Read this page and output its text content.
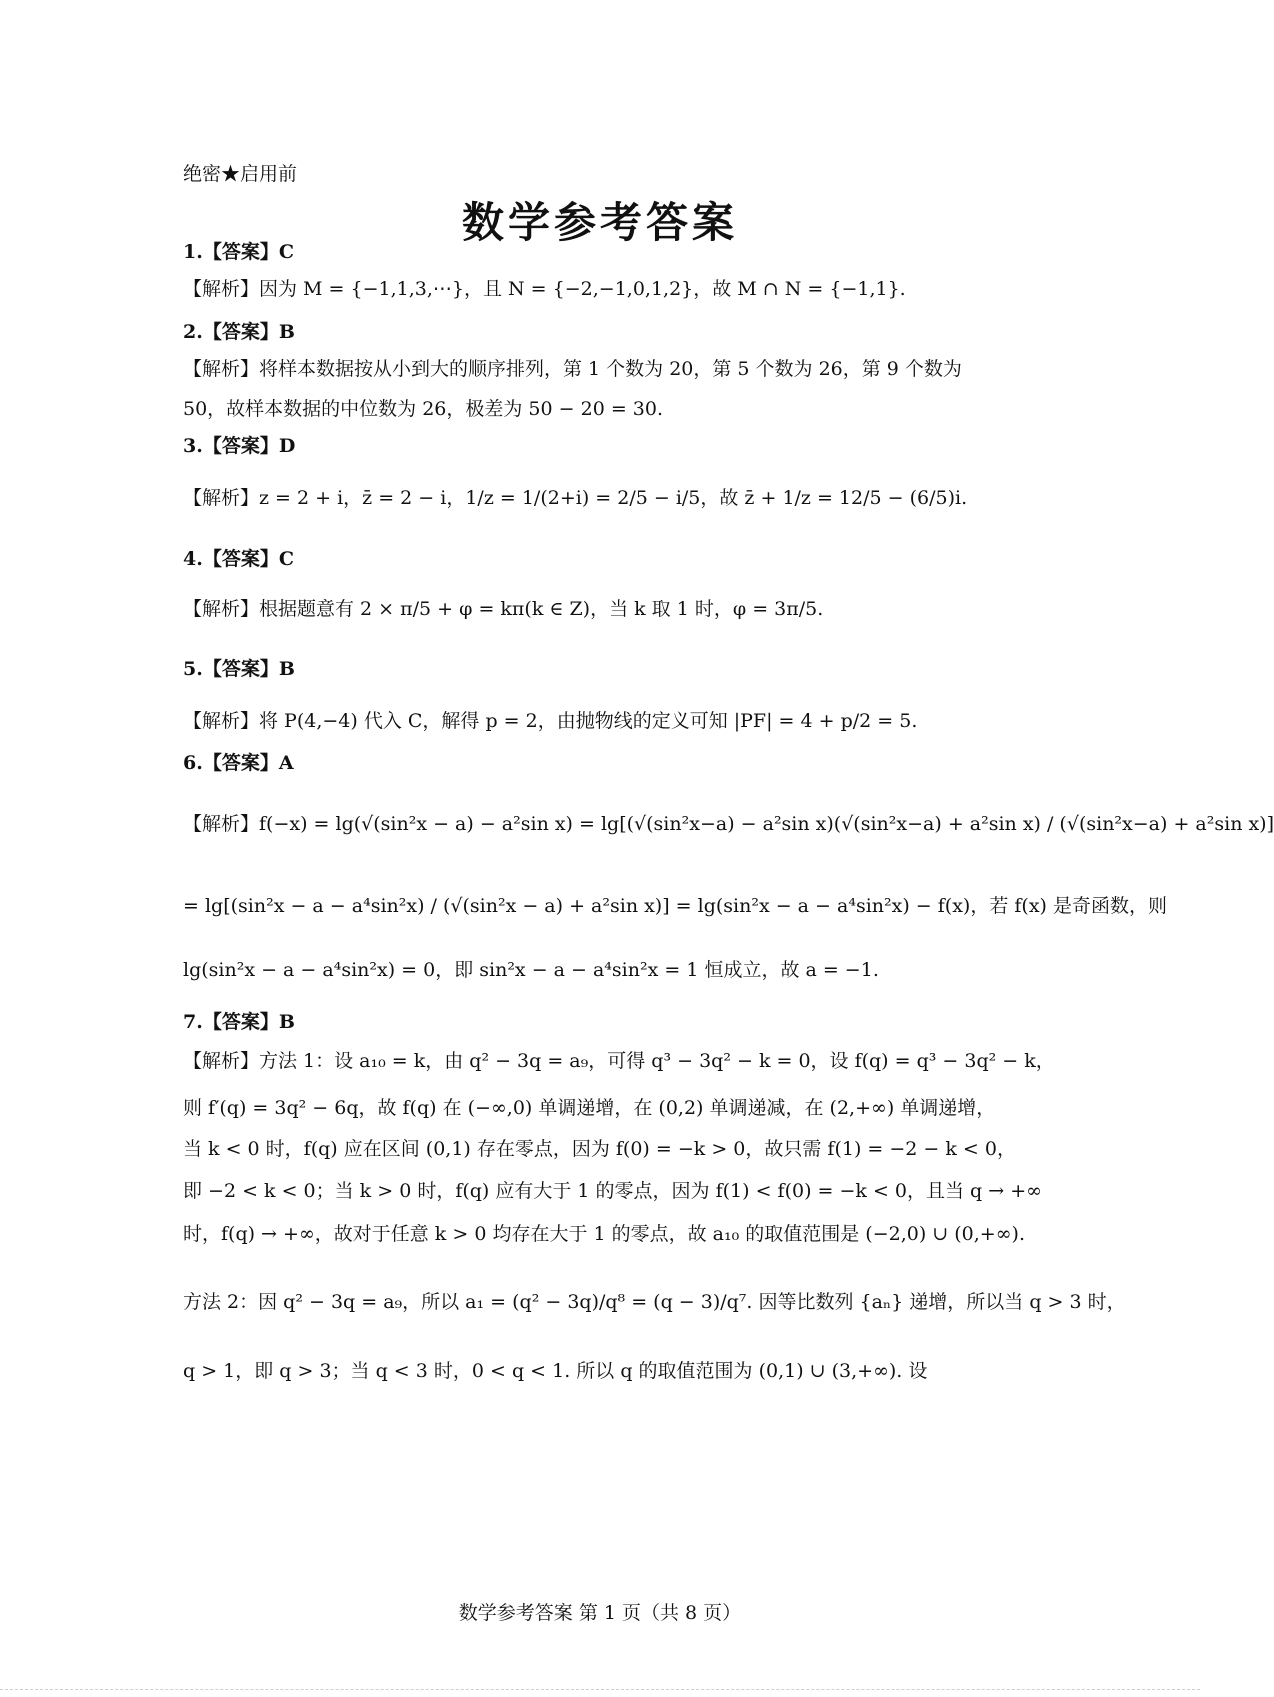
绝密★启用前
数学参考答案
1.【答案】C
【解析】因为 M = {−1,1,3,⋯}，且 N = {−2,−1,0,1,2}，故 M ∩ N = {−1,1}.
2.【答案】B
【解析】将样本数据按从小到大的顺序排列，第 1 个数为 20，第 5 个数为 26，第 9 个数为
50，故样本数据的中位数为 26，极差为 50 − 20 = 30.
3.【答案】D
【解析】z = 2 + i，z̄ = 2 − i，1/z = 1/(2+i) = 2/5 − i/5，故 z̄ + 1/z = 12/5 − (6/5)i.
4.【答案】C
【解析】根据题意有 2 × π/5 + φ = kπ(k ∈ Z)，当 k 取 1 时，φ = 3π/5.
5.【答案】B
【解析】将 P(4,−4) 代入 C，解得 p = 2，由抛物线的定义可知 |PF| = 4 + p/2 = 5.
6.【答案】A
【解析】f(−x) = lg(√(sin²x − a) − a²sin x) = lg[(√(sin²x−a) − a²sin x)(√(sin²x−a) + a²sin x) / (√(sin²x−a) + a²sin x)]
= lg[(sin²x − a − a⁴sin²x) / (√(sin²x − a) + a²sin x)] = lg(sin²x − a − a⁴sin²x) − f(x)，若 f(x) 是奇函数，则
lg(sin²x − a − a⁴sin²x) = 0，即 sin²x − a − a⁴sin²x = 1 恒成立，故 a = −1.
7.【答案】B
【解析】方法 1：设 a₁₀ = k，由 q² − 3q = a₉，可得 q³ − 3q² − k = 0，设 f(q) = q³ − 3q² − k，
则 f′(q) = 3q² − 6q，故 f(q) 在 (−∞,0) 单调递增，在 (0,2) 单调递减，在 (2,+∞) 单调递增，
当 k < 0 时，f(q) 应在区间 (0,1) 存在零点，因为 f(0) = −k > 0，故只需 f(1) = −2 − k < 0，
即 −2 < k < 0；当 k > 0 时，f(q) 应有大于 1 的零点，因为 f(1) < f(0) = −k < 0，且当 q → +∞
时，f(q) → +∞，故对于任意 k > 0 均存在大于 1 的零点，故 a₁₀ 的取值范围是 (−2,0) ∪ (0,+∞).
方法 2：因 q² − 3q = a₉，所以 a₁ = (q² − 3q)/q⁸ = (q − 3)/q⁷. 因等比数列 {aₙ} 递增，所以当 q > 3 时，
q > 1，即 q > 3；当 q < 3 时，0 < q < 1. 所以 q 的取值范围为 (0,1) ∪ (3,+∞). 设
数学参考答案 第 1 页（共 8 页）
